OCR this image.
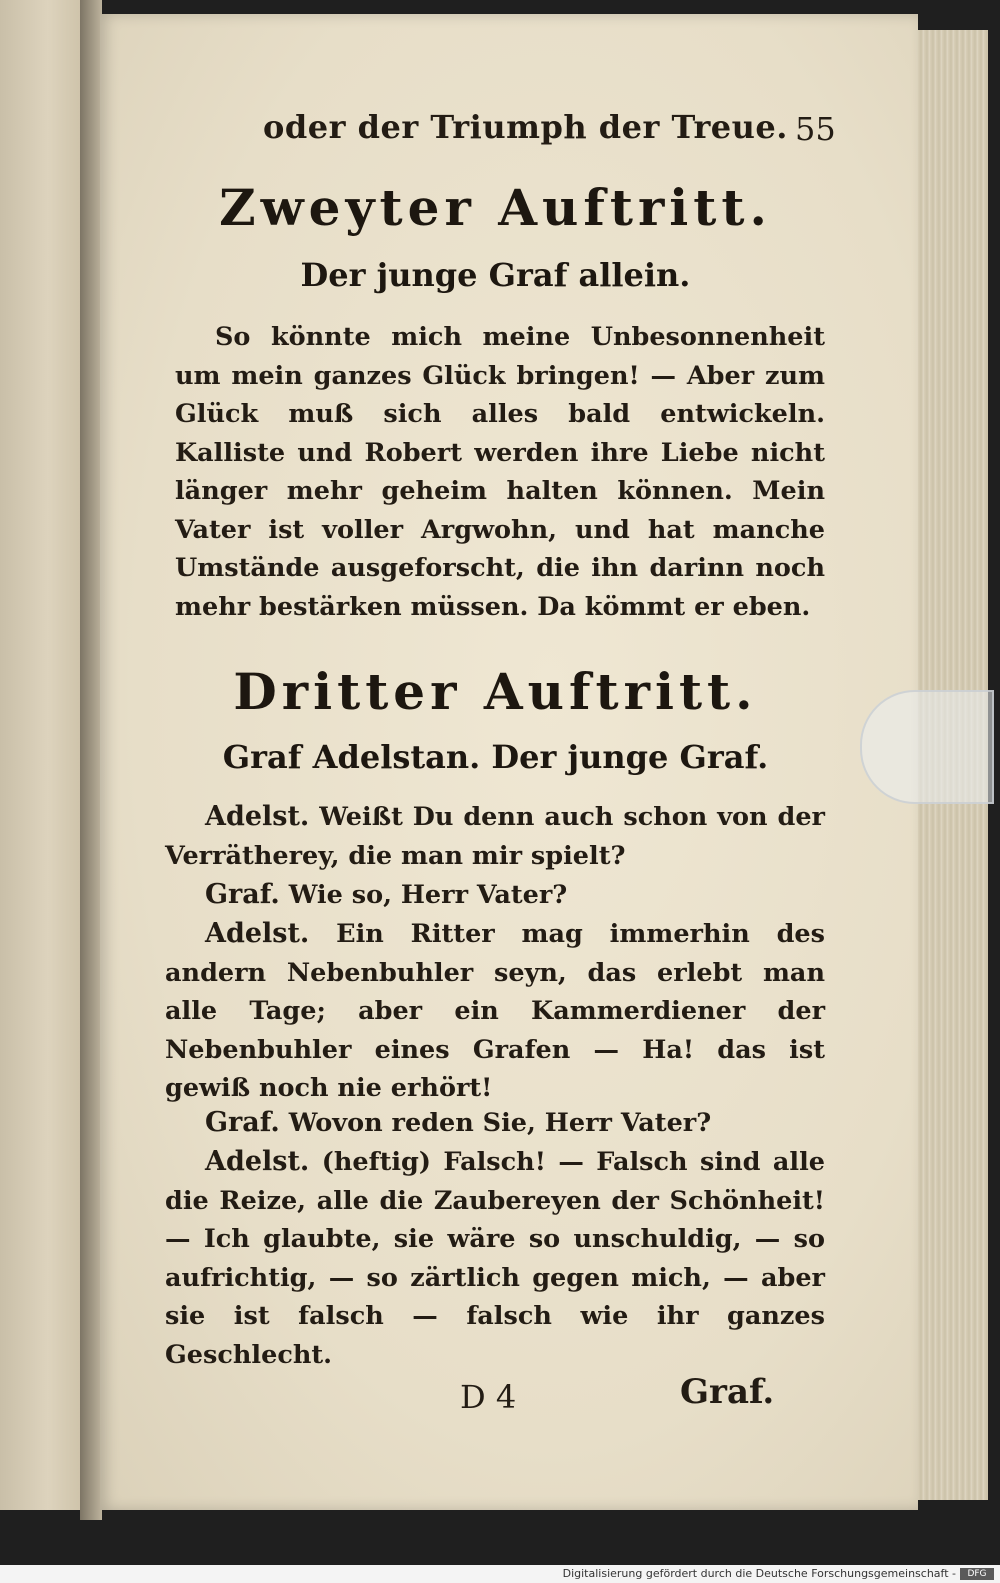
oder der Triumph der Treue. 55
Zweyter Auftritt.
Der junge Graf allein.
So könnte mich meine Unbesonnenheit um mein ganzes Glück bringen! — Aber zum Glück muß sich alles bald entwickeln. Kalliste und Robert werden ihre Liebe nicht länger mehr geheim halten können. Mein Vater ist voller Argwohn, und hat manche Umstände ausgeforscht, die ihn darinn noch mehr bestärken müssen. Da kömmt er eben.
Dritter Auftritt.
Graf Adelstan. Der junge Graf.
Adelst. Weißt Du denn auch schon von der Verrätherey, die man mir spielt?
Graf. Wie so, Herr Vater?
Adelst. Ein Ritter mag immerhin des andern Nebenbuhler seyn, das erlebt man alle Tage; aber ein Kammerdiener der Nebenbuhler eines Grafen — Ha! das ist gewiß noch nie erhört!
Graf. Wovon reden Sie, Herr Vater?
Adelst. (heftig) Falsch! — Falsch sind alle die Reize, alle die Zaubereyen der Schönheit! — Ich glaubte, sie wäre so unschuldig, — so aufrichtig, — so zärtlich gegen mich, — aber sie ist falsch — falsch wie ihr ganzes Geschlecht.
D 4	Graf.
Digitalisierung gefördert durch die Deutsche Forschungsgemeinschaft -	DFG
